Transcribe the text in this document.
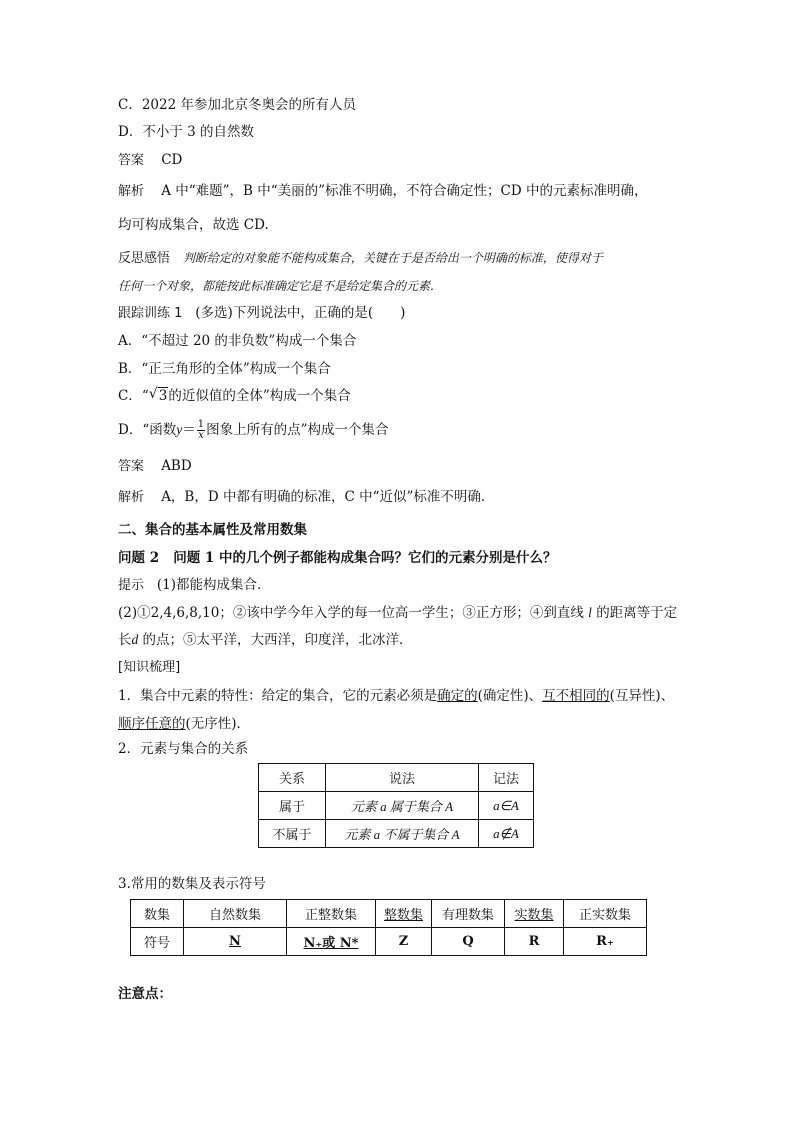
C．2022 年参加北京冬奥会的所有人员
D．不小于 3 的自然数
答案 CD
解析 A 中“难题”，B 中“美丽的”标准不明确，不符合确定性；CD 中的元素标准明确，
均可构成集合，故选 CD.
反思感悟 判断给定的对象能不能构成集合，关键在于是否给出一个明确的标准，使得对于
任何一个对象，都能按此标准确定它是不是给定集合的元素．
跟踪训练 1 (多选)下列说法中，正确的是(　　)
A．“不超过 20 的非负数”构成一个集合
B．“正三角形的全体”构成一个集合
C．“ √ 3的近似值的全体”构成一个集合
D．“函数$y= \frac{1}{x}$ 图象上所有的点”构成一个集合
答案 ABD
解析 A，B，D 中都有明确的标准，C 中“近似”标准不明确．
二、集合的基本属性及常用数集
问题 2 问题 1 中的几个例子都能构成集合吗？它们的元素分别是什么？
提示 (1)都能构成集合．
(2)①2,4,6,8,10；②该中学今年入学的每一位高一学生；③正方形；④到直线 l 的距离等于定
长d 的点；⑤太平洋，大西洋，印度洋，北冰洋．
[知识梳理]
1．集合中元素的特性：给定的集合，它的元素必须是确定的(确定性)、互不相同的(互异性)、
顺序任意的(无序性)．
2．元素与集合的关系
关系	说法	记法
属于	元素 a 属于集合 A	a∈A
不属于	元素 a 不属于集合 A	a∉A
3.常用的数集及表示符号
数集	自然数集	正整数集	整数集	有理数集	实数集	正实数集
符号	N	N₊或 N*	Z	Q	R	R₊
注意点：
